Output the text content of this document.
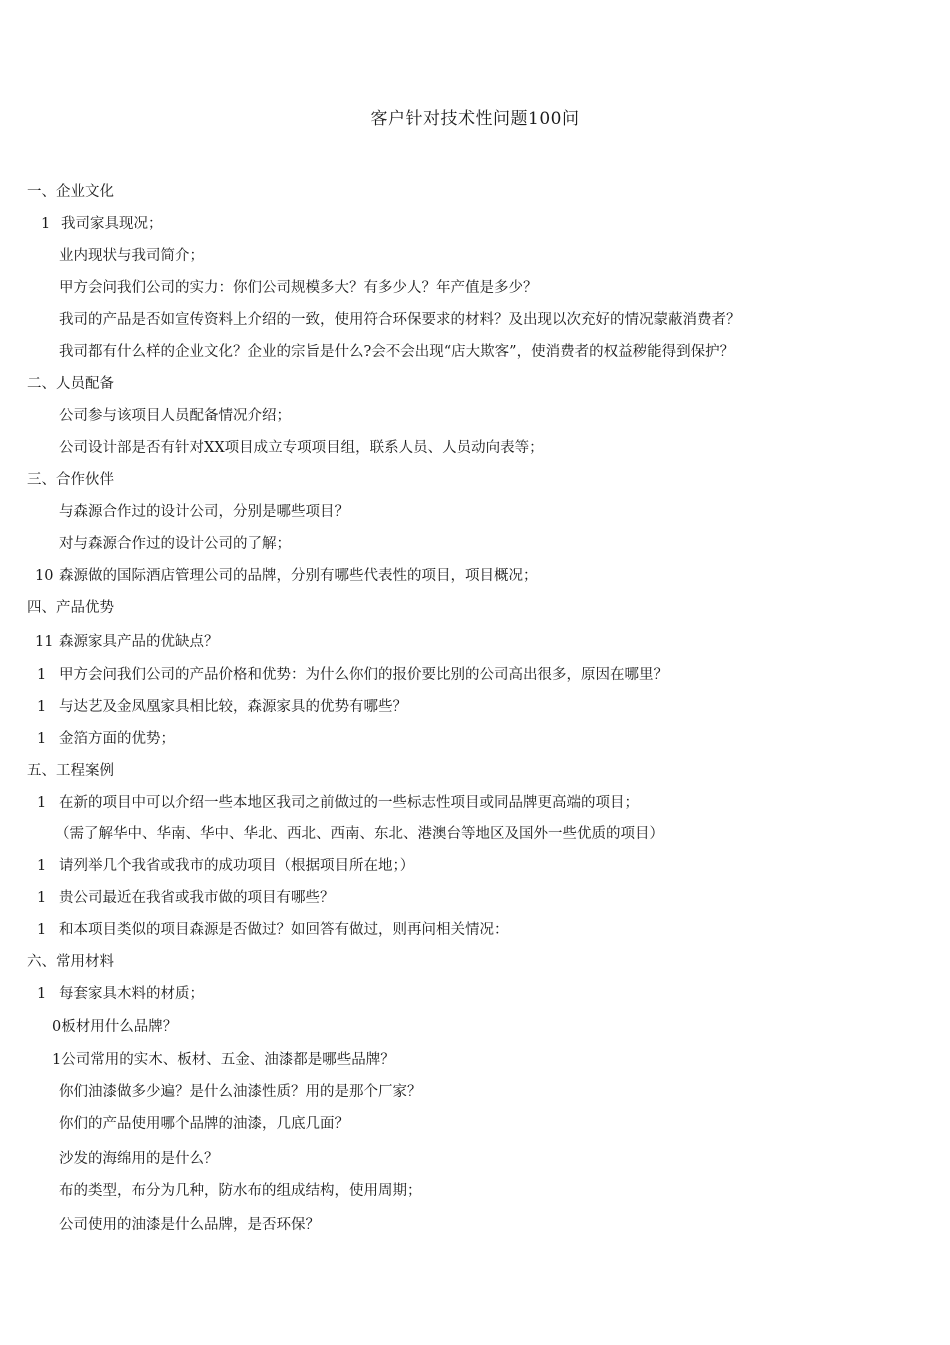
客户针对技术性问题100问
一、企业文化
1 我司家具现况；
业内现状与我司简介；
甲方会问我们公司的实力：你们公司规模多大？有多少人？年产值是多少？
我司的产品是否如宣传资料上介绍的一致，使用符合环保要求的材料？及出现以次充好的情况蒙蔽消费者？
我司都有什么样的企业文化？企业的宗旨是什么?会不会出现“店大欺客”，使消费者的权益秽能得到保护？
二、人员配备
公司参与该项目人员配备情况介绍；
公司设计部是否有针对XX项目成立专项项目组，联系人员、人员动向表等；
三、合作伙伴
与森源合作过的设计公司，分别是哪些项目？
对与森源合作过的设计公司的了解；
10 森源做的国际酒店管理公司的品牌，分别有哪些代表性的项目，项目概况；
四、产品优势
11 森源家具产品的优缺点？
1 甲方会问我们公司的产品价格和优势：为什么你们的报价要比别的公司高出很多，原因在哪里？
1 与达艺及金凤凰家具相比较，森源家具的优势有哪些？
1 金箔方面的优势；
五、工程案例
1 在新的项目中可以介绍一些本地区我司之前做过的一些标志性项目或同品牌更高端的项目；
（需了解华中、华南、华中、华北、西北、西南、东北、港澳台等地区及国外一些优质的项目）
1 请列举几个我省或我市的成功项目（根据项目所在地；）
1 贵公司最近在我省或我市做的项目有哪些？
1 和本项目类似的项目森源是否做过？如回答有做过，则再问相关情况：
六、常用材料
1 每套家具木料的材质；
0板材用什么品牌？
1公司常用的实木、板材、五金、油漆都是哪些品牌？
你们油漆做多少遍？是什么油漆性质？用的是那个厂家？
你们的产品使用哪个品牌的油漆，几底几面？
沙发的海绵用的是什么？
布的类型，布分为几种，防水布的组成结构，使用周期；
公司使用的油漆是什么品牌，是否环保？
